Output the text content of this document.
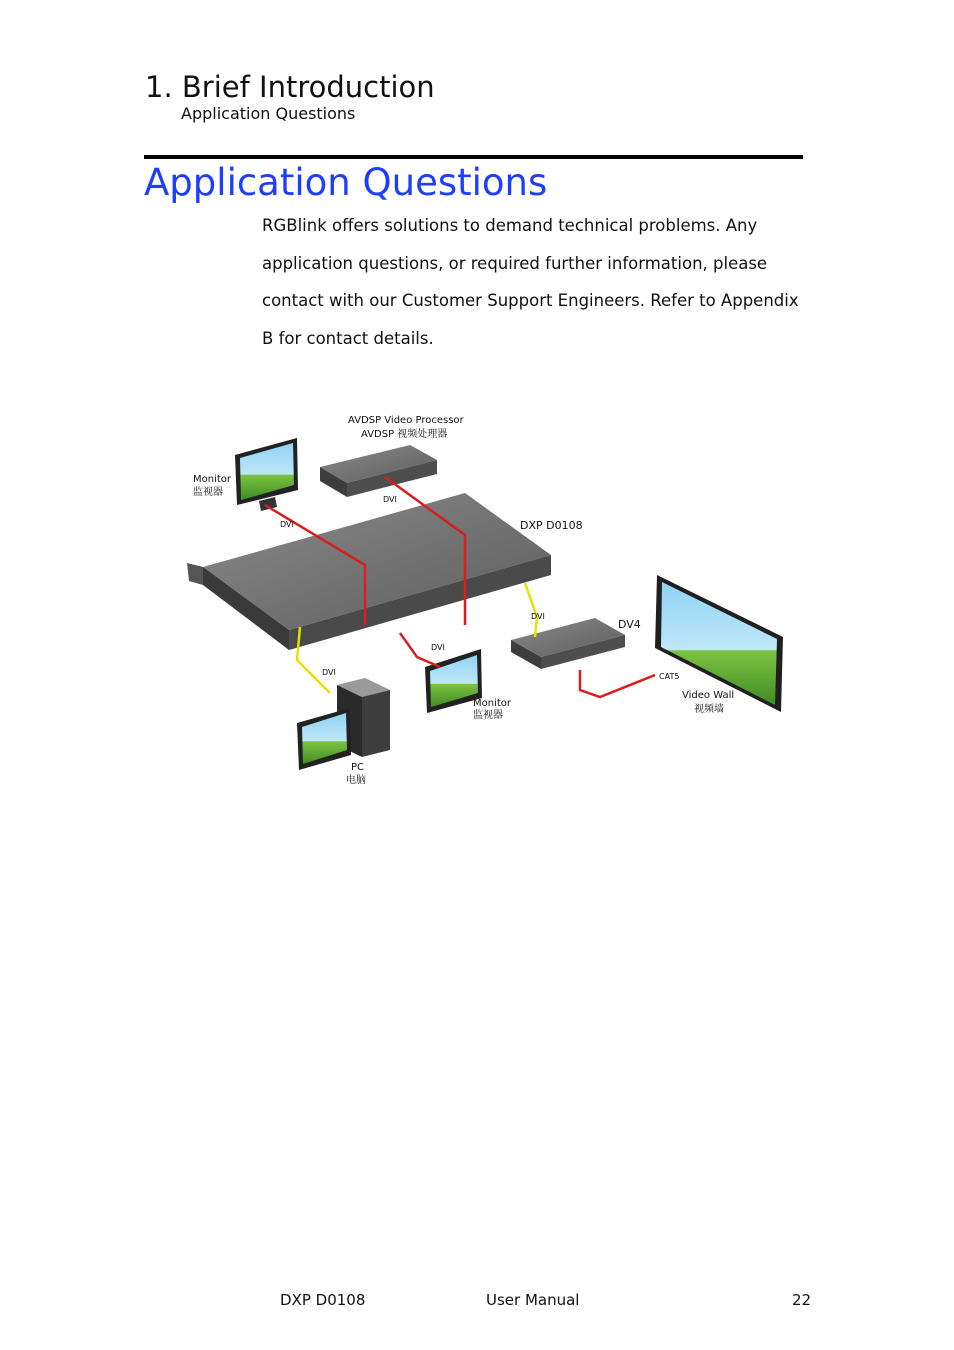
1. Brief Introduction
Application Questions
Application Questions
RGBlink offers solutions to demand technical problems. Any application questions, or required further information, please contact with our Customer Support Engineers. Refer to Appendix B for contact details.
AVDSP Video Processor
AVDSP 视频处理器
Monitor
监视器
DXP D0108
DV4
Monitor
监视器
PC
电脑
Video Wall
视频墙
DVI
DVI
DVI
DVI
DVI
CAT5
DXP D0108	User Manual	22
